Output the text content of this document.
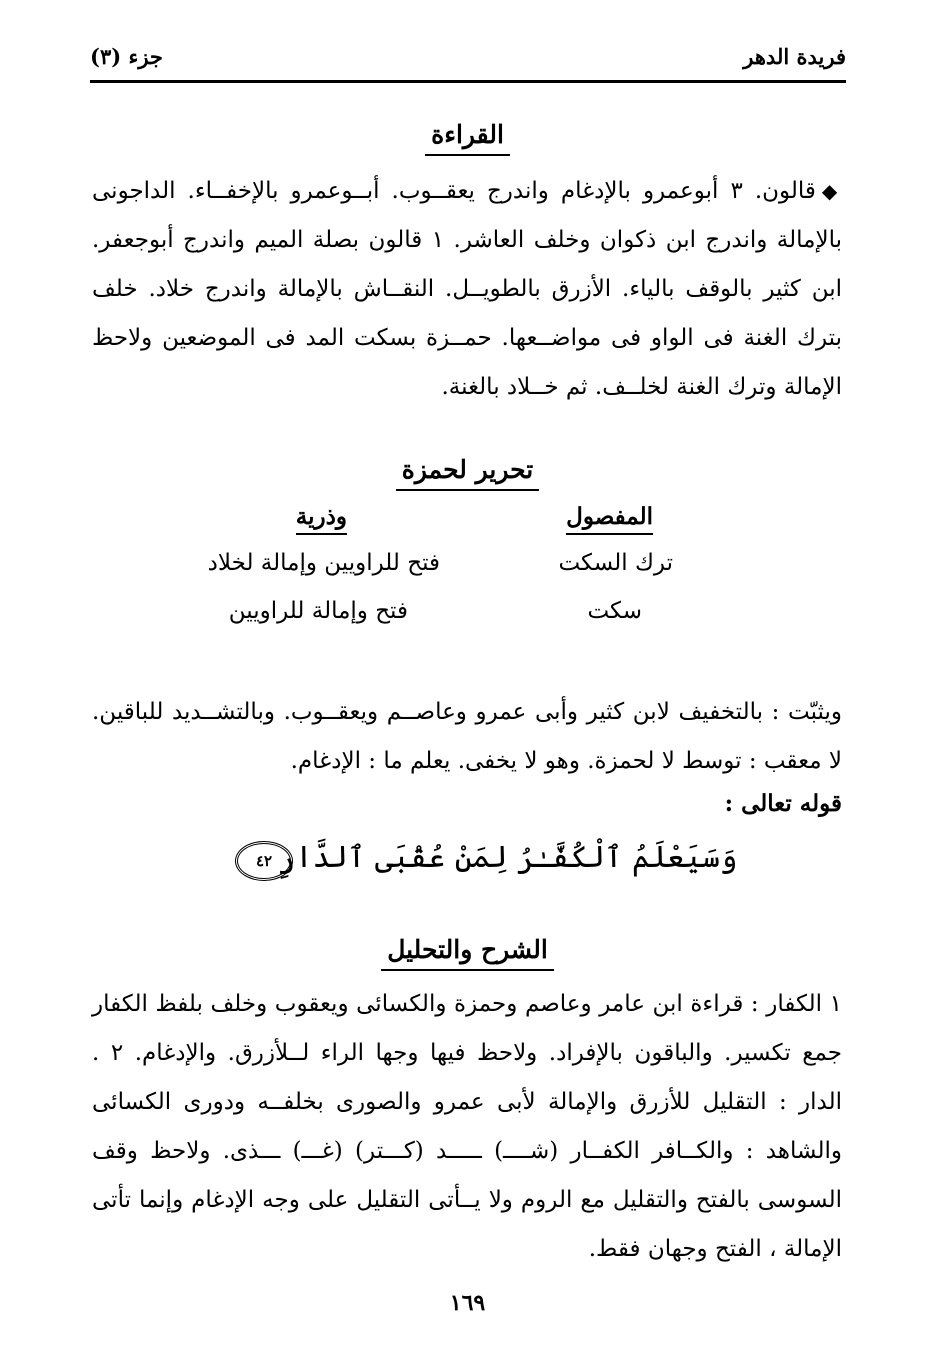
فريدة الدهر
جزء (٣)
القراءة

◆قالون. ٣ أبوعمرو بالإدغام واندرج يعقــوب. أبــوعمرو بالإخفــاء. الداجونى بالإمالة واندرج ابن ذكوان وخلف العاشر. ١ قالون بصلة الميم واندرج أبوجعفر. ابن كثير بالوقف بالياء. الأزرق بالطويــل. النقــاش بالإمالة واندرج خلاد. خلف بترك الغنة فى الواو فى مواضــعها. حمــزة بسكت المد فى الموضعين ولاحظ الإمالة وترك الغنة لخلــف. ثم خــلاد بالغنة.

تحرير لحمزة
المفصول
وذرية
ترك السكت
فتح للراويين وإمالة لخلاد
سكت
فتح وإمالة للراويين

ويثبّت : بالتخفيف لابن كثير وأبى عمرو وعاصــم ويعقــوب. وبالتشــديد للباقين. لا معقب : توسط لا لحمزة. وهو لا يخفى. يعلم ما : الإدغام.

قوله تعالى :
وَسَيَعْلَمُ ٱلْكُفَّـٰرُ لِمَنْ عُقْبَى ٱلدَّارِ
٤٢
الشرح والتحليل

١ الكفار : قراءة ابن عامر وعاصم وحمزة والكسائى ويعقوب وخلف بلفظ الكفار جمع تكسير. والباقون بالإفراد. ولاحظ فيها وجها الراء لــلأزرق. والإدغام. ٢ . الدار : التقليل للأزرق والإمالة لأبى عمرو والصورى بخلفــه ودورى الكسائى والشاهد : والكــافر الكفــار (شــــ) ـــــد (كـــتر) (غـــ) ـــذى. ولاحظ وقف السوسى بالفتح والتقليل مع الروم ولا يــأتى التقليل على وجه الإدغام وإنما تأتى الإمالة ، الفتح وجهان فقط.

١٦٩
